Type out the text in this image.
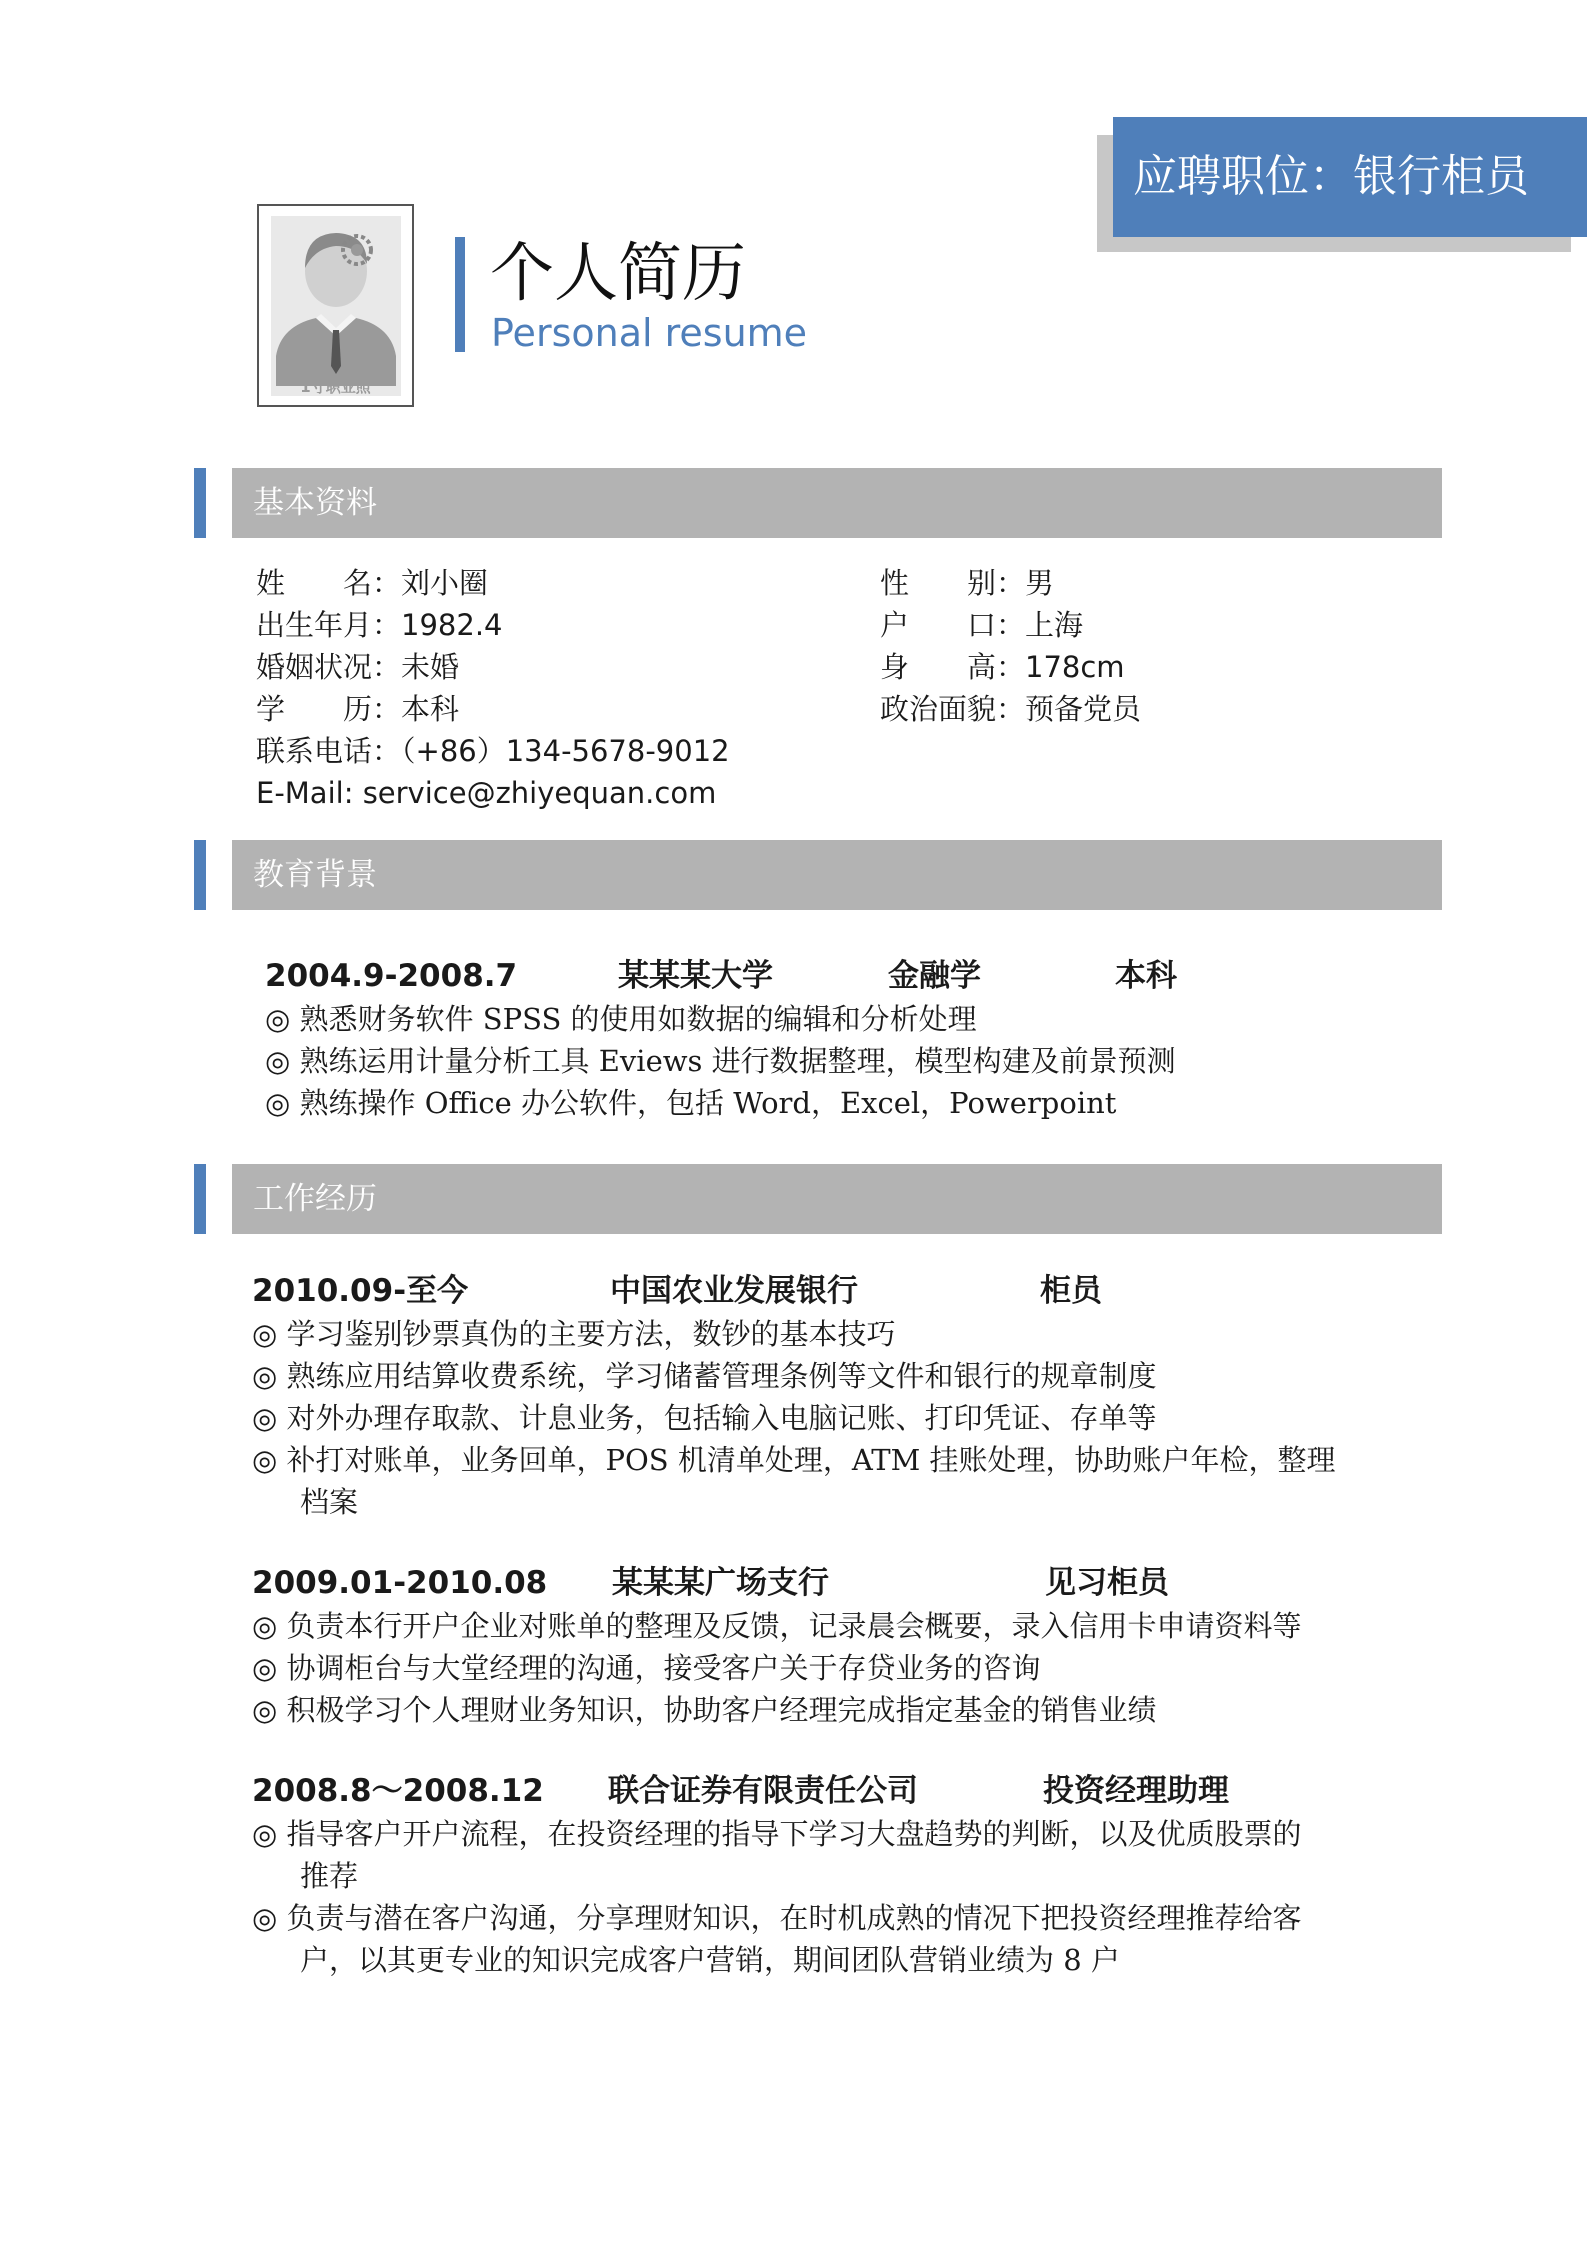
应聘职位：银行柜员
1寸职业照
个人简历
Personal resume
基本资料
姓　　名：刘小圈	性　　别：男
出生年月：1982.4	户　　口：上海
婚姻状况：未婚	身　　高：178cm
学　　历：本科	政治面貌：预备党员
联系电话：（+86）134-5678-9012
E-Mail: service@zhiyequan.com
教育背景
2004.9-2008.7	某某某大学	金融学	本科
◎ 熟悉财务软件 SPSS 的使用如数据的编辑和分析处理
◎ 熟练运用计量分析工具 Eviews 进行数据整理，模型构建及前景预测
◎ 熟练操作 Office 办公软件，包括 Word，Excel，Powerpoint
工作经历
2010.09-至今	中国农业发展银行	柜员
◎ 学习鉴别钞票真伪的主要方法，数钞的基本技巧
◎ 熟练应用结算收费系统，学习储蓄管理条例等文件和银行的规章制度
◎ 对外办理存取款、计息业务，包括输入电脑记账、打印凭证、存单等
◎ 补打对账单，业务回单，POS 机清单处理，ATM 挂账处理，协助账户年检，整理
档案
2009.01-2010.08 某某某广场支行	见习柜员
◎ 负责本行开户企业对账单的整理及反馈，记录晨会概要，录入信用卡申请资料等
◎ 协调柜台与大堂经理的沟通，接受客户关于存贷业务的咨询
◎ 积极学习个人理财业务知识，协助客户经理完成指定基金的销售业绩
2008.8～2008.12 联合证券有限责任公司	投资经理助理
◎ 指导客户开户流程，在投资经理的指导下学习大盘趋势的判断，以及优质股票的
推荐
◎ 负责与潜在客户沟通，分享理财知识，在时机成熟的情况下把投资经理推荐给客
户，以其更专业的知识完成客户营销，期间团队营销业绩为 8 户
